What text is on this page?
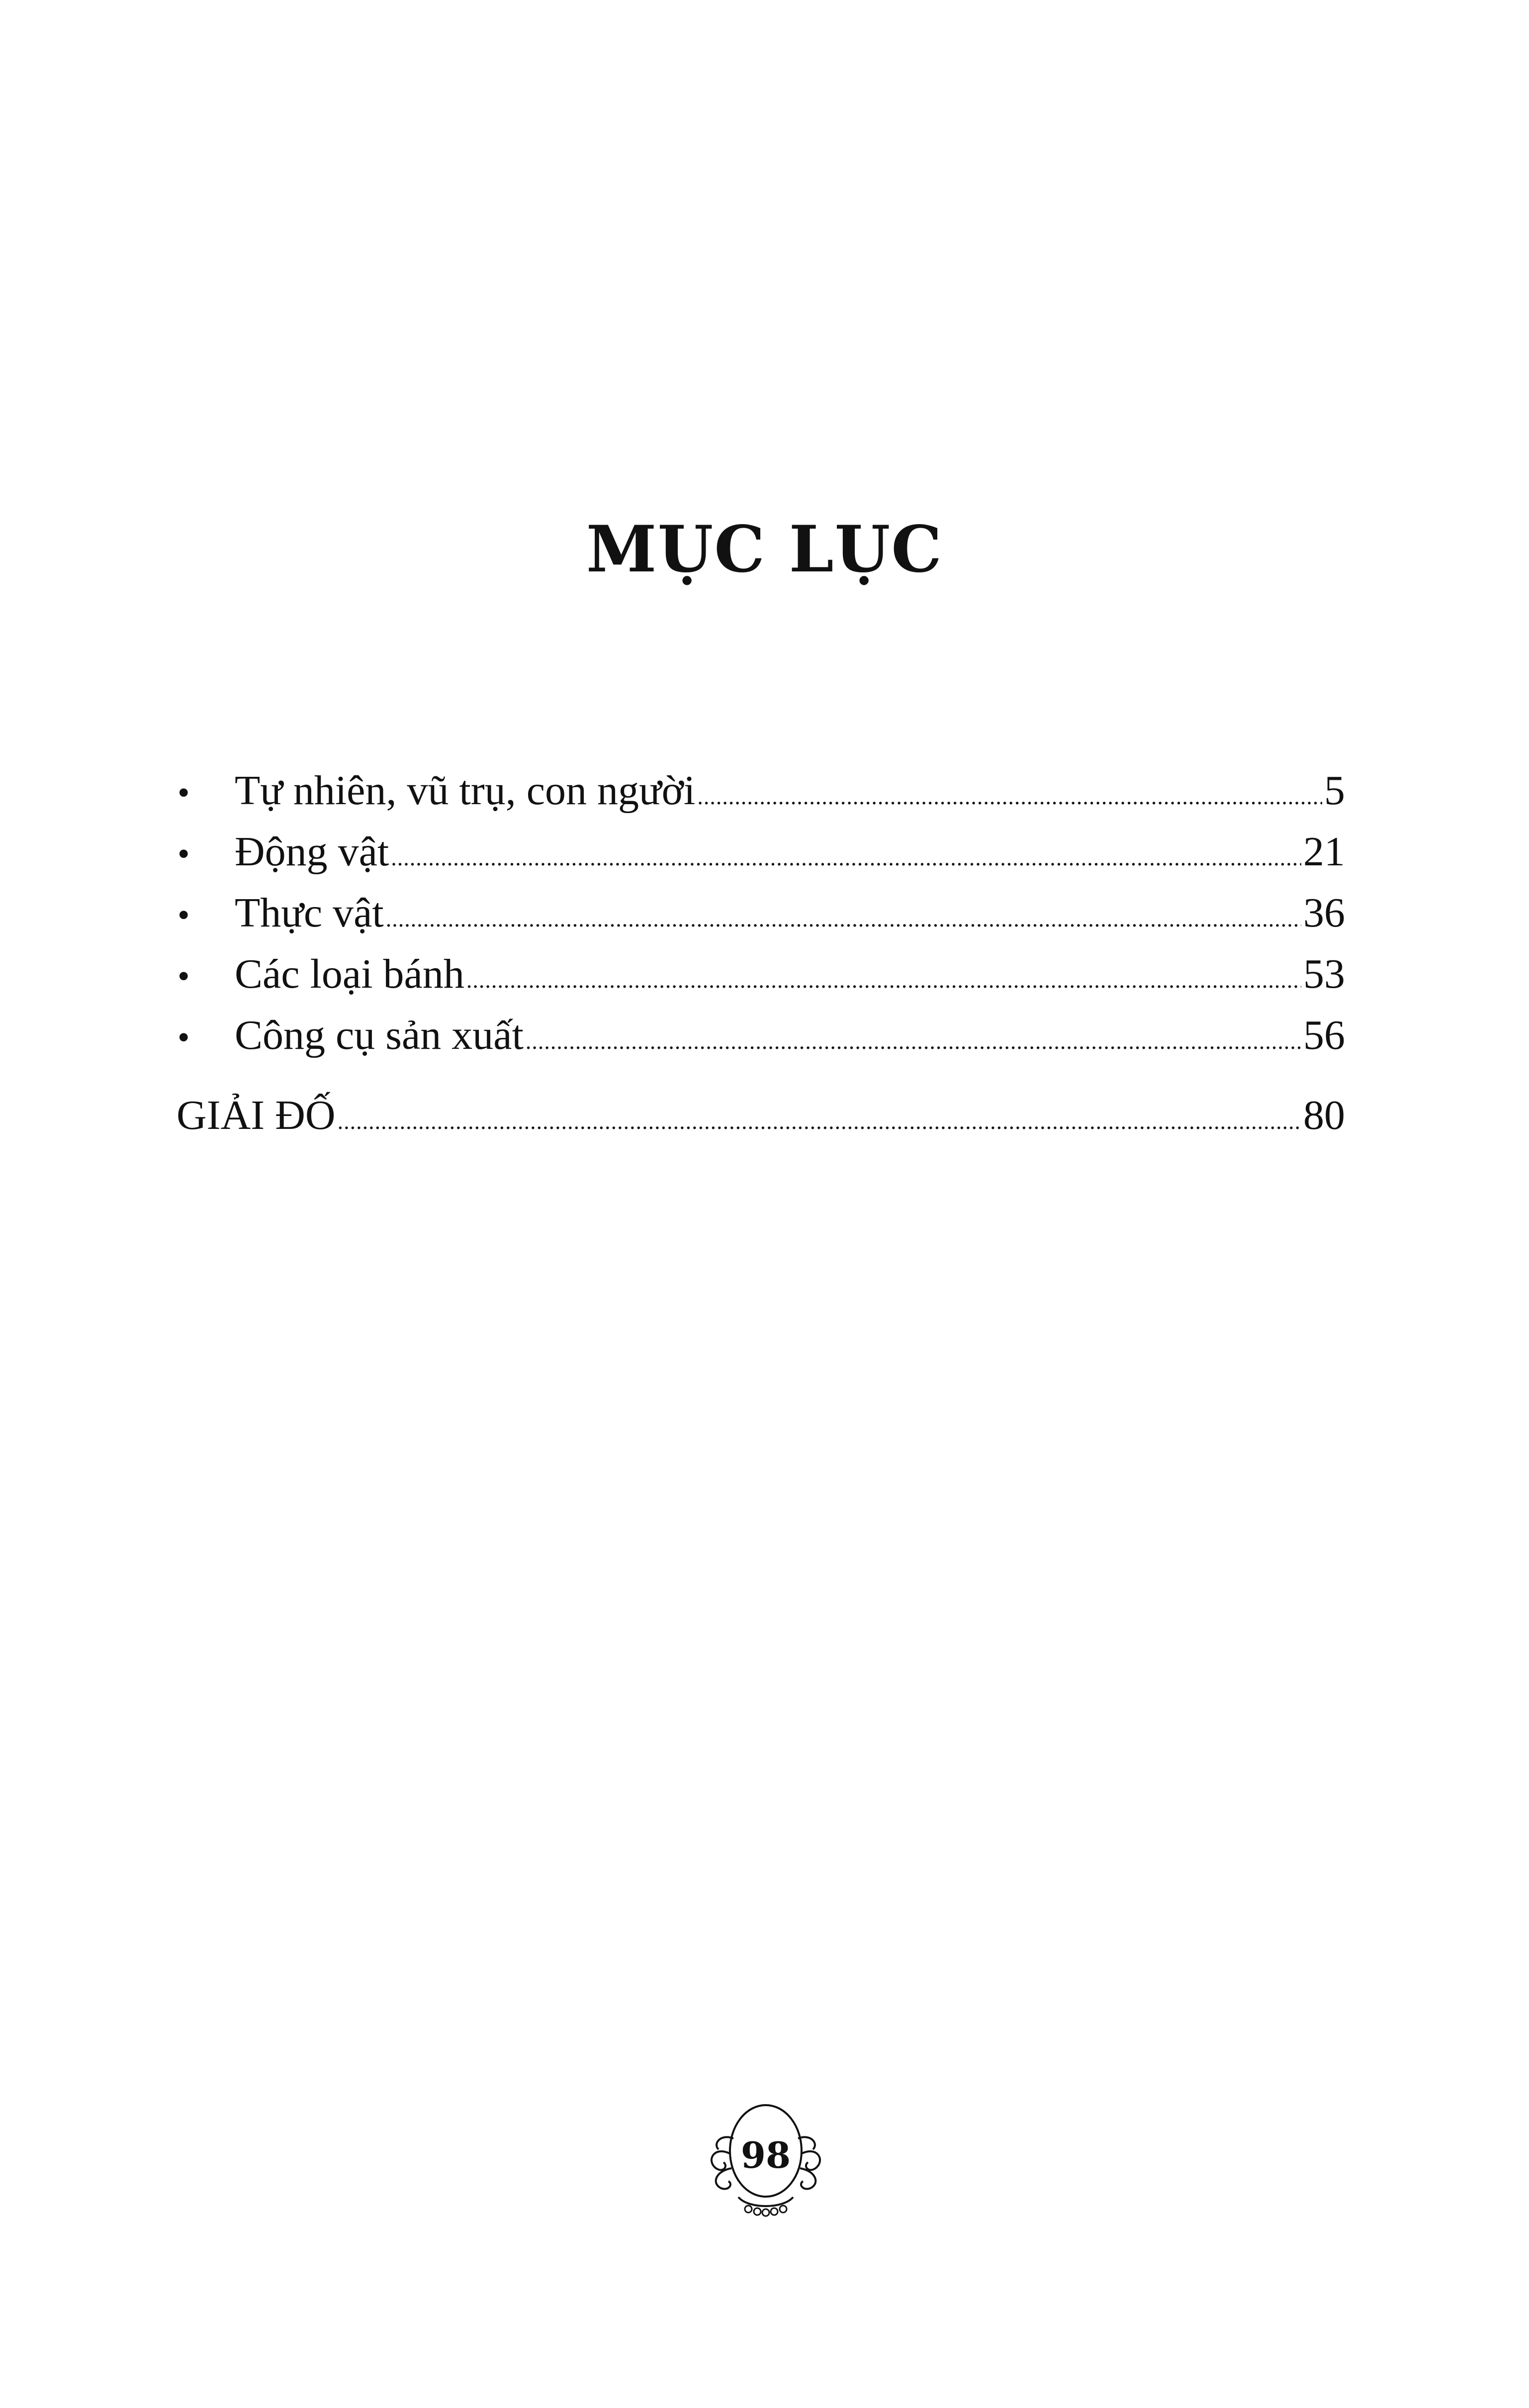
MỤC LỤC
•	Tự nhiên, vũ trụ, con người .....	5
•	Động vật .....	21
•	Thực vật .....	36
•	Các loại bánh .....	53
•	Công cụ sản xuất .....	56
GIẢI ĐỐ .....	80
98
